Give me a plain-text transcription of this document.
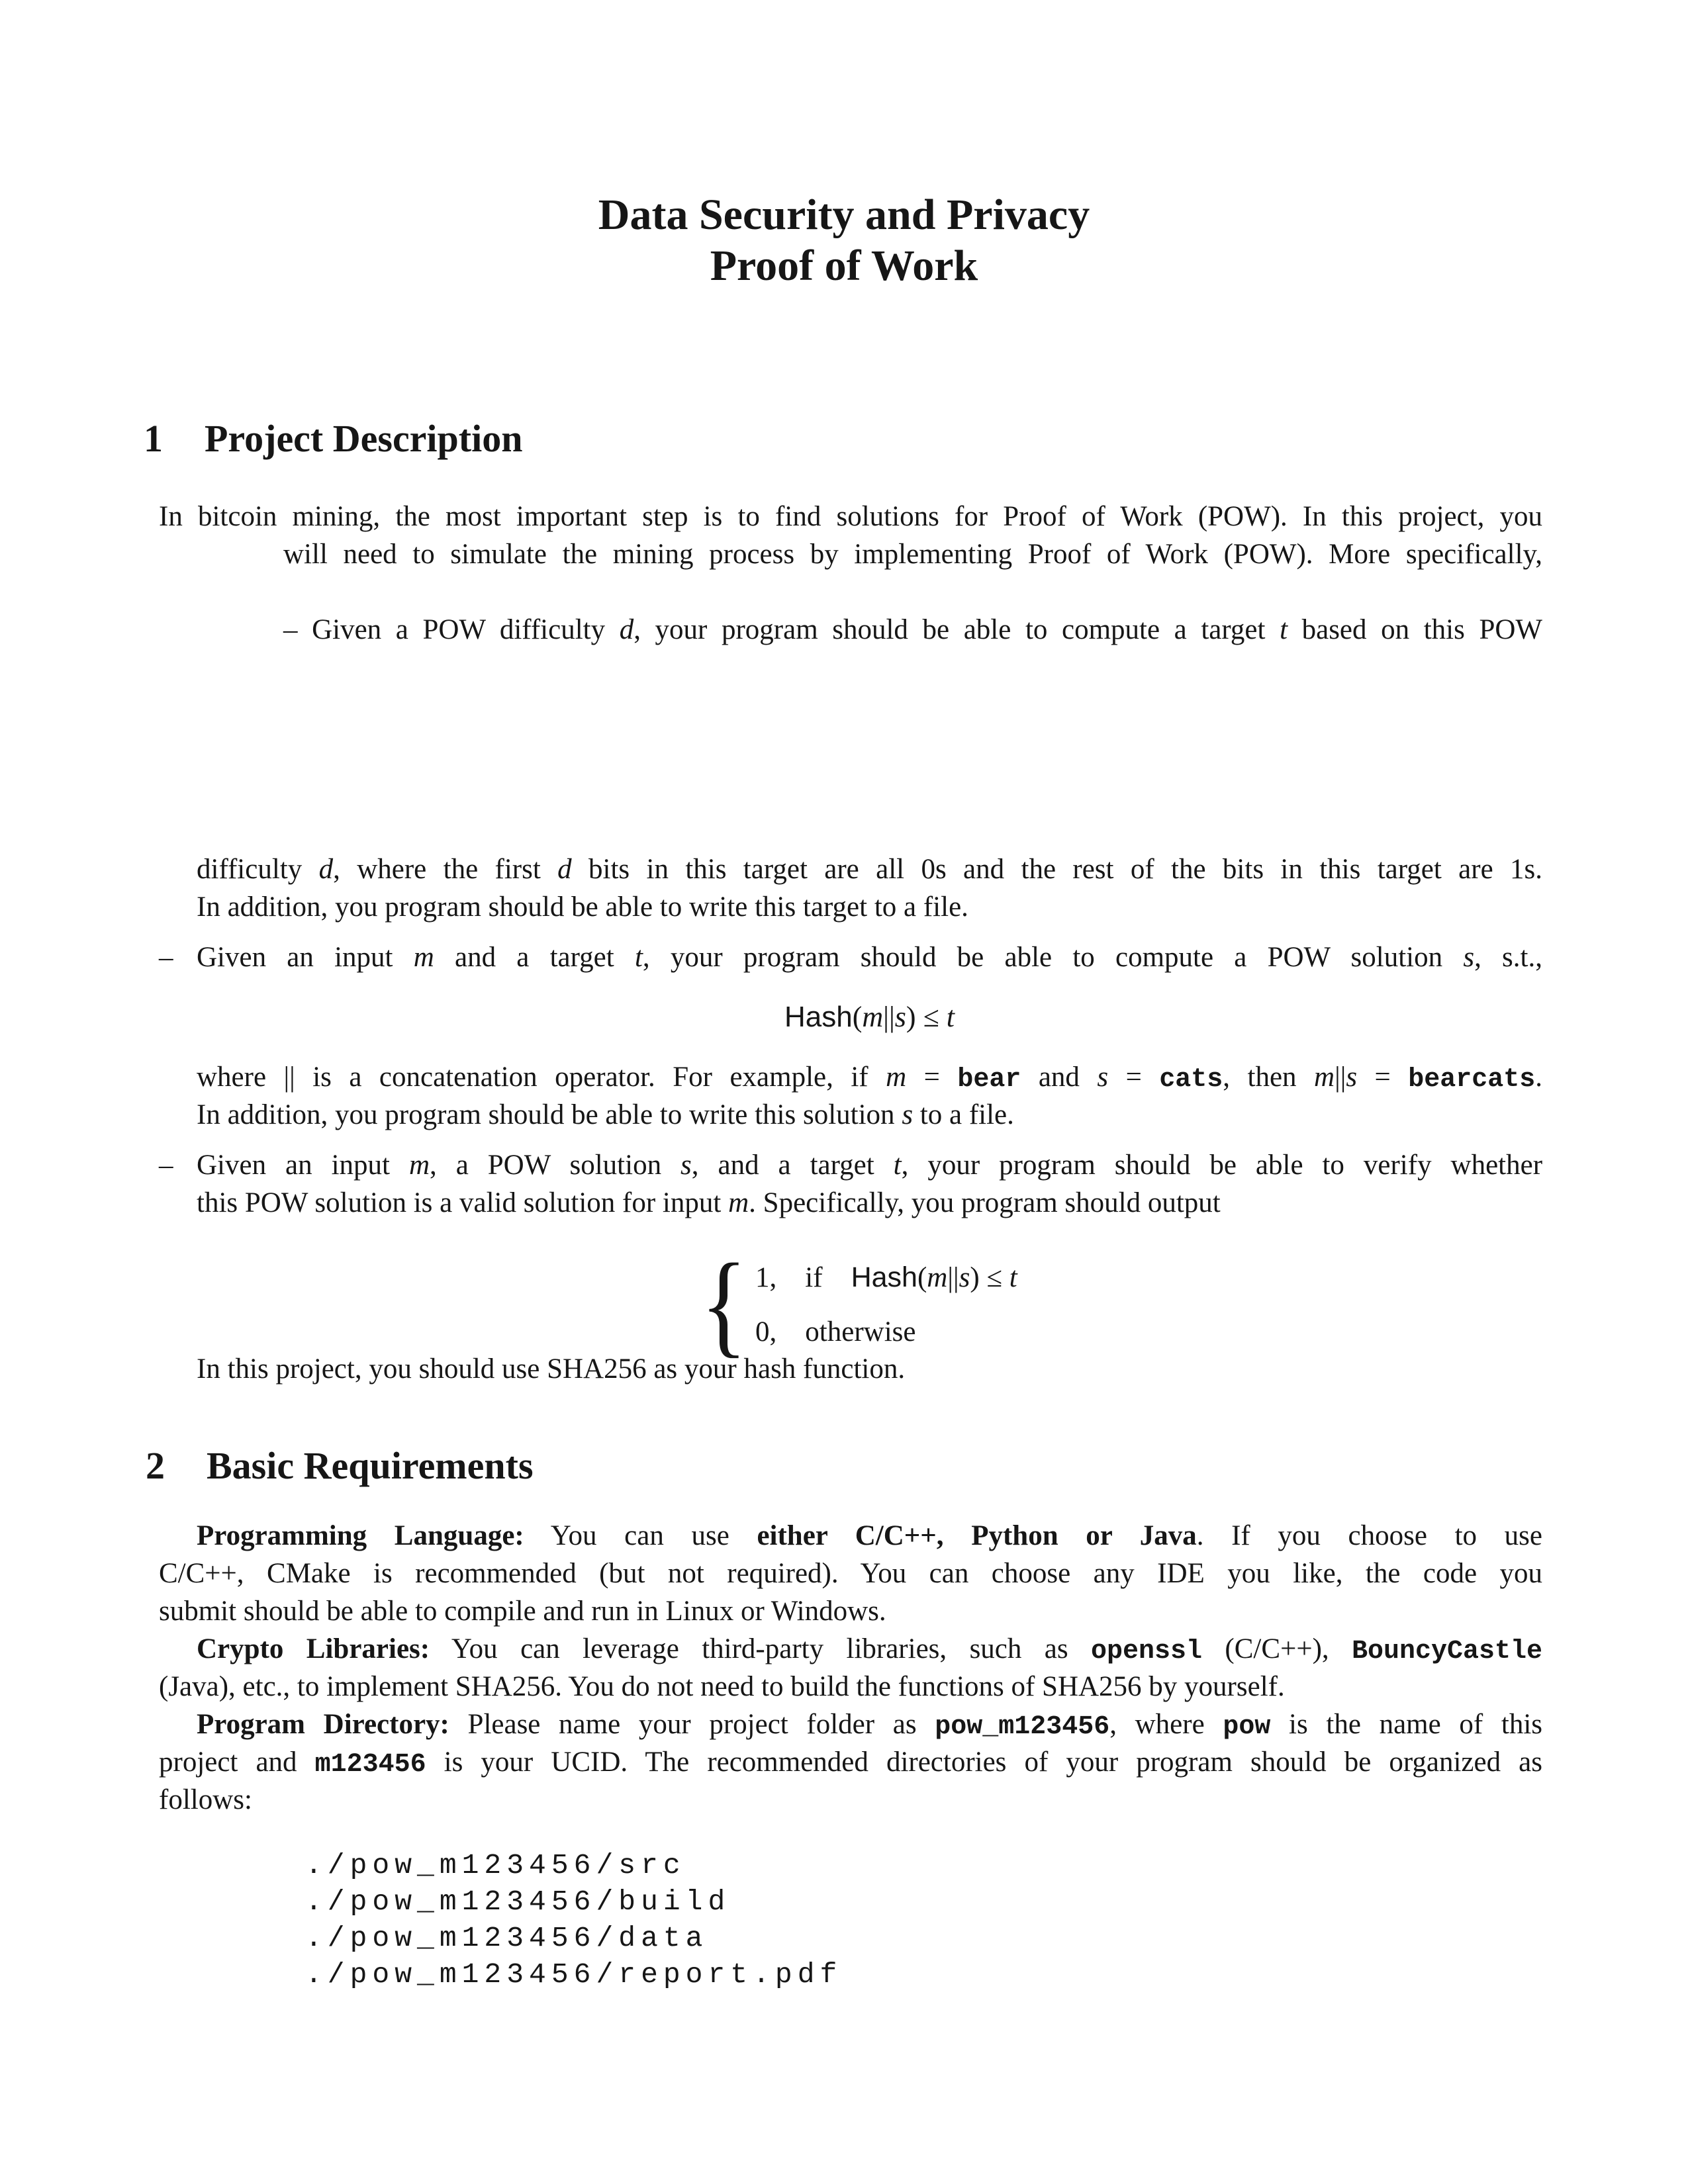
Data Security and Privacy
Proof of Work
1	Project Description
In bitcoin mining, the most important step is to find solutions for Proof of Work (POW). In this project, you
will need to simulate the mining process by implementing Proof of Work (POW). More specifically,
– Given a POW difficulty d, your program should be able to compute a target t based on this POW
difficulty d, where the first d bits in this target are all 0s and the rest of the bits in this target are 1s.
In addition, you program should be able to write this target to a file.
– Given an input m and a target t, your program should be able to compute a POW solution s, s.t.,
Hash(m||s) ≤ t
where || is a concatenation operator. For example, if m = bear and s = cats, then m||s = bearcats.
In addition, you program should be able to write this solution s to a file.
– Given an input m, a POW solution s, and a target t, your program should be able to verify whether
this POW solution is a valid solution for input m. Specifically, you program should output
{ 1, if Hash(m||s) ≤ t
0, otherwise
In this project, you should use SHA256 as your hash function.
2	Basic Requirements
Programming Language: You can use either C/C++, Python or Java. If you choose to use
C/C++, CMake is recommended (but not required). You can choose any IDE you like, the code you
submit should be able to compile and run in Linux or Windows.
Crypto Libraries: You can leverage third-party libraries, such as openssl (C/C++), BouncyCastle
(Java), etc., to implement SHA256. You do not need to build the functions of SHA256 by yourself.
Program Directory: Please name your project folder as pow_m123456, where pow is the name of this
project and m123456 is your UCID. The recommended directories of your program should be organized as
follows:
./pow_m123456/src
./pow_m123456/build
./pow_m123456/data
./pow_m123456/report.pdf
